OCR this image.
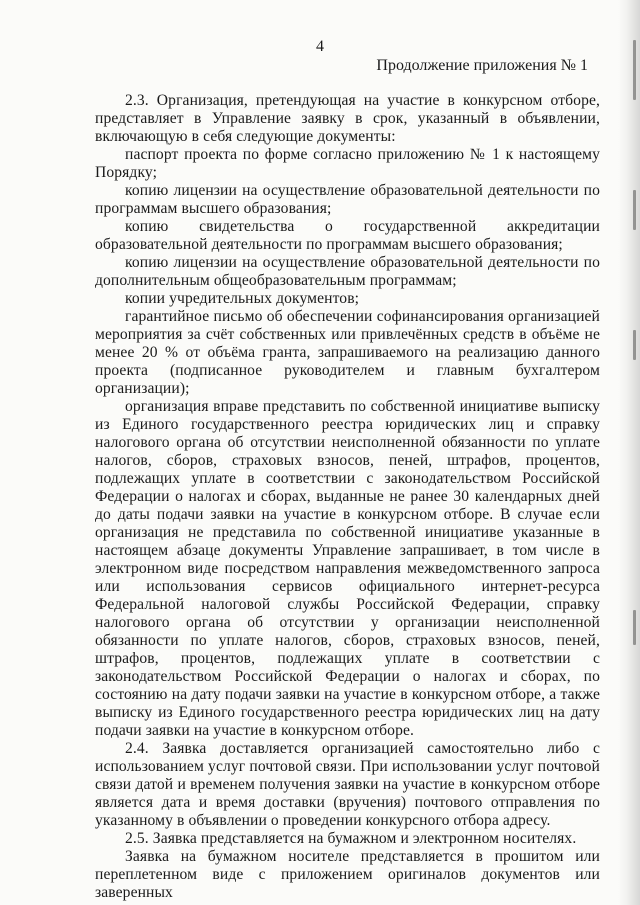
4
Продолжение приложения № 1

2.3. Организация, претендующая на участие в конкурсном отборе, представляет в Управление заявку в срок, указанный в объявлении, включающую в себя следующие документы:

паспорт проекта по форме согласно приложению № 1 к настоящему Порядку;

копию лицензии на осуществление образовательной деятельности по программам высшего образования;

копию свидетельства о государственной аккредитации образовательной деятельности по программам высшего образования;

копию лицензии на осуществление образовательной деятельности по дополнительным общеобразовательным программам;

копии учредительных документов;

гарантийное письмо об обеспечении софинансирования организацией мероприятия за счёт собственных или привлечённых средств в объёме не менее 20 % от объёма гранта, запрашиваемого на реализацию данного проекта (подписанное руководителем и главным бухгалтером организации);

организация вправе представить по собственной инициативе выписку из Единого государственного реестра юридических лиц и справку налогового органа об отсутствии неисполненной обязанности по уплате налогов, сборов, страховых взносов, пеней, штрафов, процентов, подлежащих уплате в соответствии с законодательством Российской Федерации о налогах и сборах, выданные не ранее 30 календарных дней до даты подачи заявки на участие в конкурсном отборе. В случае если организация не представила по собственной инициативе указанные в настоящем абзаце документы Управление запрашивает, в том числе в электронном виде посредством направления межведомственного запроса или использования сервисов официального интернет-ресурса Федеральной налоговой службы Российской Федерации, справку налогового органа об отсутствии у организации неисполненной обязанности по уплате налогов, сборов, страховых взносов, пеней, штрафов, процентов, подлежащих уплате в соответствии с законодательством Российской Федерации о налогах и сборах, по состоянию на дату подачи заявки на участие в конкурсном отборе, а также выписку из Единого государственного реестра юридических лиц на дату подачи заявки на участие в конкурсном отборе.

2.4. Заявка доставляется организацией самостоятельно либо с использованием услуг почтовой связи. При использовании услуг почтовой связи датой и временем получения заявки на участие в конкурсном отборе является дата и время доставки (вручения) почтового отправления по указанному в объявлении о проведении конкурсного отбора адресу.

2.5. Заявка представляется на бумажном и электронном носителях.

Заявка на бумажном носителе представляется в прошитом или переплетенном виде с приложением оригиналов документов или заверенных
